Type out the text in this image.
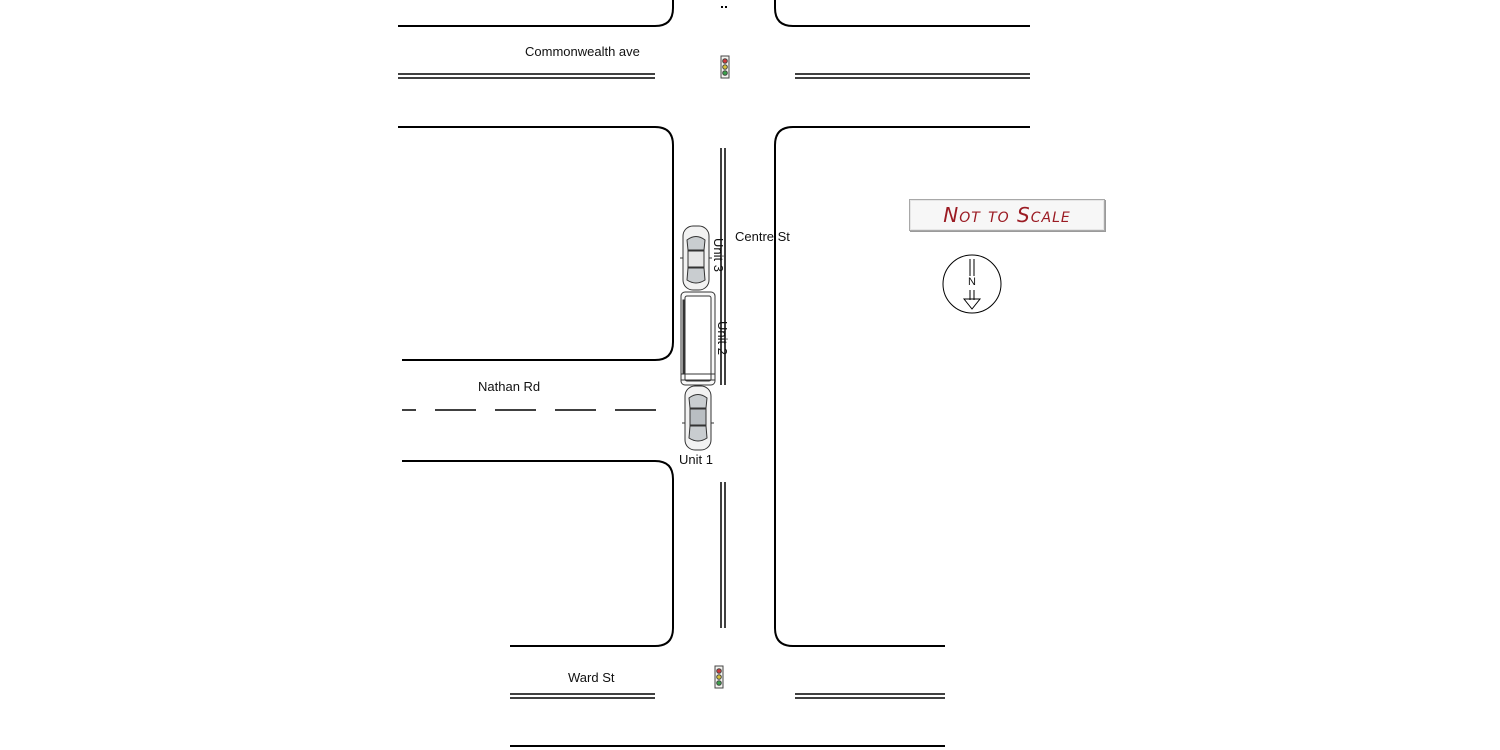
Commonwealth ave
Centre St
Nathan Rd
Ward St
Unit 3
Unit 2
Unit 1
N
Not to Scale
